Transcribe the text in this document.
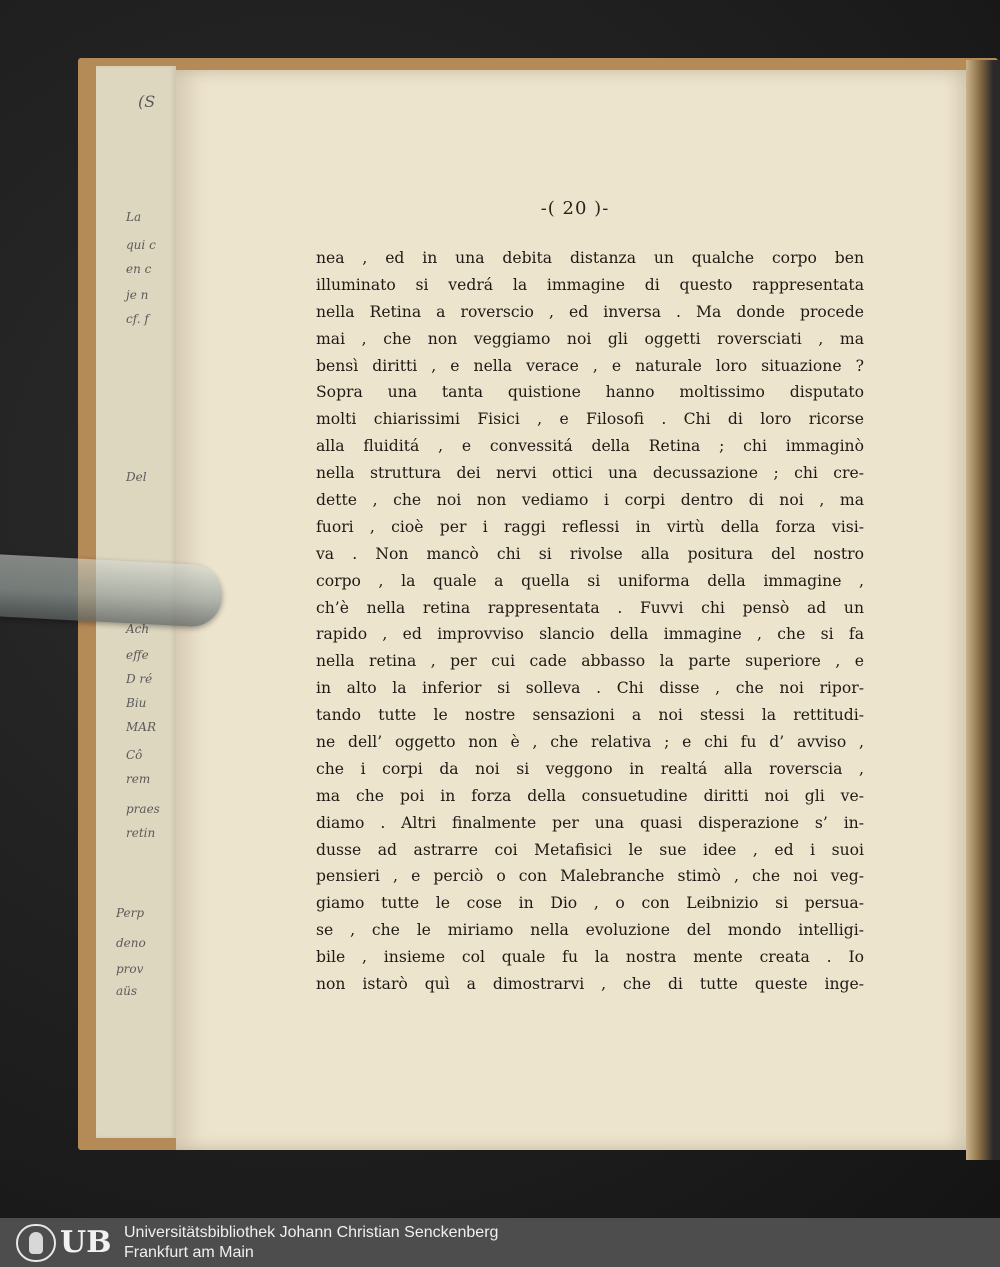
(S
La
qui c
en c
je n
cf. f
Del
Ach
effe
D ré
Biu
MAR
Cô
rem
praes
retin
Perp
deno
prov
aüs
-( 20 )-
nea , ed in una debita distanza un qualche corpo ben
illuminato si vedrá la immagine di questo rappresentata
nella Retina a roverscio , ed inversa . Ma donde procede
mai , che non veggiamo noi gli oggetti roversciati , ma
bensì diritti , e nella verace , e naturale loro situazione ?
Sopra una tanta quistione hanno moltissimo disputato
molti chiarissimi Fisici , e Filosofi . Chi di loro ricorse
alla fluiditá , e convessitá della Retina ; chi immaginò
nella struttura dei nervi ottici una decussazione ; chi cre-
dette , che noi non vediamo i corpi dentro di noi , ma
fuori , cioè per i raggi reflessi in virtù della forza visi-
va . Non mancò chi si rivolse alla positura del nostro
corpo , la quale a quella si uniforma della immagine ,
ch’è nella retina rappresentata . Fuvvi chi pensò ad un
rapido , ed improvviso slancio della immagine , che si fa
nella retina , per cui cade abbasso la parte superiore , e
in alto la inferior si solleva . Chi disse , che noi ripor-
tando tutte le nostre sensazioni a noi stessi la rettitudi-
ne dell’ oggetto non è , che relativa ; e chi fu d’ avviso ,
che i corpi da noi si veggono in realtá alla roverscia ,
ma che poi in forza della consuetudine diritti noi gli ve-
diamo . Altri finalmente per una quasi disperazione s’ in-
dusse ad astrarre coi Metafisici le sue idee , ed i suoi
pensieri , e perciò o con Malebranche stimò , che noi veg-
giamo tutte le cose in Dio , o con Leibnizio si persua-
se , che le miriamo nella evoluzione del mondo intelligi-
bile , insieme col quale fu la nostra mente creata . Io
non istarò quì a dimostrarvi , che di tutte queste inge-
UB Universitätsbibliothek Johann Christian Senckenberg
Frankfurt am Main
